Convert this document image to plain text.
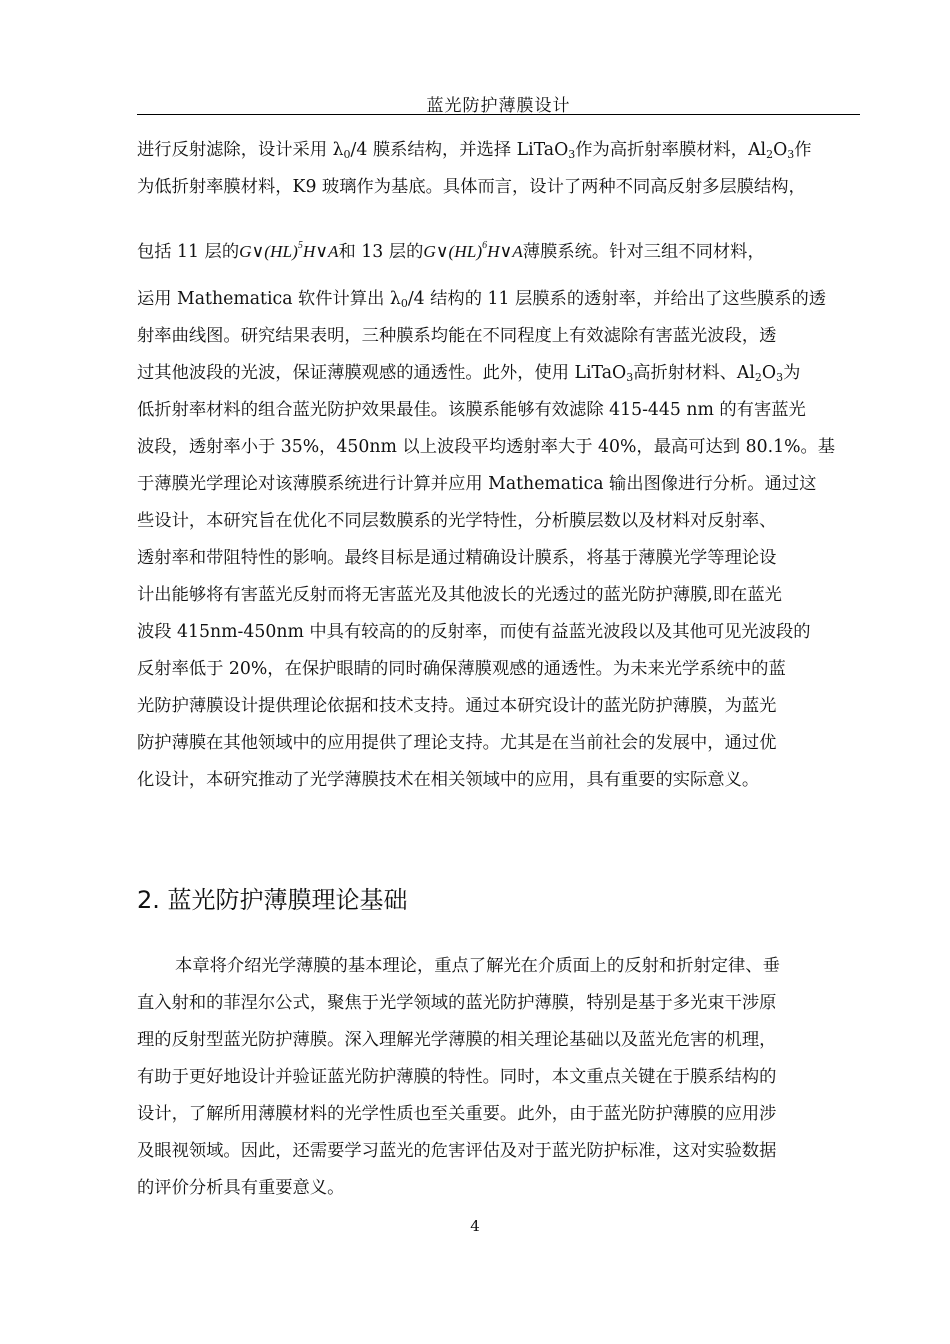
蓝光防护薄膜设计
进行反射滤除，设计采用 $\lambda_0/4$ 膜系结构，并选择 LiTaO$_3$作为高折射率膜材料，$Al_2O_3$作
为低折射率膜材料，K9 玻璃作为基底。具体而言，设计了两种不同高反射多层膜结构，
包括 11 层的G∨(HL)$^5$H∨A和 13 层的G∨(HL)$^6$H∨A薄膜系统。针对三组不同材料，
运用 Mathematica 软件计算出 $\lambda_0/4$ 结构的 11 层膜系的透射率，并给出了这些膜系的透
射率曲线图。研究结果表明，三种膜系均能在不同程度上有效滤除有害蓝光波段，透
过其他波段的光波，保证薄膜观感的通透性。此外，使用 LiTaO$_3$高折射材料、$Al_2O_3$为
低折射率材料的组合蓝光防护效果最佳。该膜系能够有效滤除 415-445 nm 的有害蓝光
波段，透射率小于 35%，450nm 以上波段平均透射率大于 40%，最高可达到 80.1%。基
于薄膜光学理论对该薄膜系统进行计算并应用 Mathematica 输出图像进行分析。通过这
些设计，本研究旨在优化不同层数膜系的光学特性，分析膜层数以及材料对反射率、
透射率和带阻特性的影响。最终目标是通过精确设计膜系，将基于薄膜光学等理论设
计出能够将有害蓝光反射而将无害蓝光及其他波长的光透过的蓝光防护薄膜,即在蓝光
波段 415nm-450nm 中具有较高的的反射率，而使有益蓝光波段以及其他可见光波段的
反射率低于 20%，在保护眼睛的同时确保薄膜观感的通透性。为未来光学系统中的蓝
光防护薄膜设计提供理论依据和技术支持。通过本研究设计的蓝光防护薄膜，为蓝光
防护薄膜在其他领域中的应用提供了理论支持。尤其是在当前社会的发展中，通过优
化设计，本研究推动了光学薄膜技术在相关领域中的应用，具有重要的实际意义。
2. 蓝光防护薄膜理论基础
本章将介绍光学薄膜的基本理论，重点了解光在介质面上的反射和折射定律、垂
直入射和的菲涅尔公式，聚焦于光学领域的蓝光防护薄膜，特别是基于多光束干涉原
理的反射型蓝光防护薄膜。深入理解光学薄膜的相关理论基础以及蓝光危害的机理，
有助于更好地设计并验证蓝光防护薄膜的特性。同时，本文重点关键在于膜系结构的
设计，了解所用薄膜材料的光学性质也至关重要。此外，由于蓝光防护薄膜的应用涉
及眼视领域。因此，还需要学习蓝光的危害评估及对于蓝光防护标准，这对实验数据
的评价分析具有重要意义。
4
